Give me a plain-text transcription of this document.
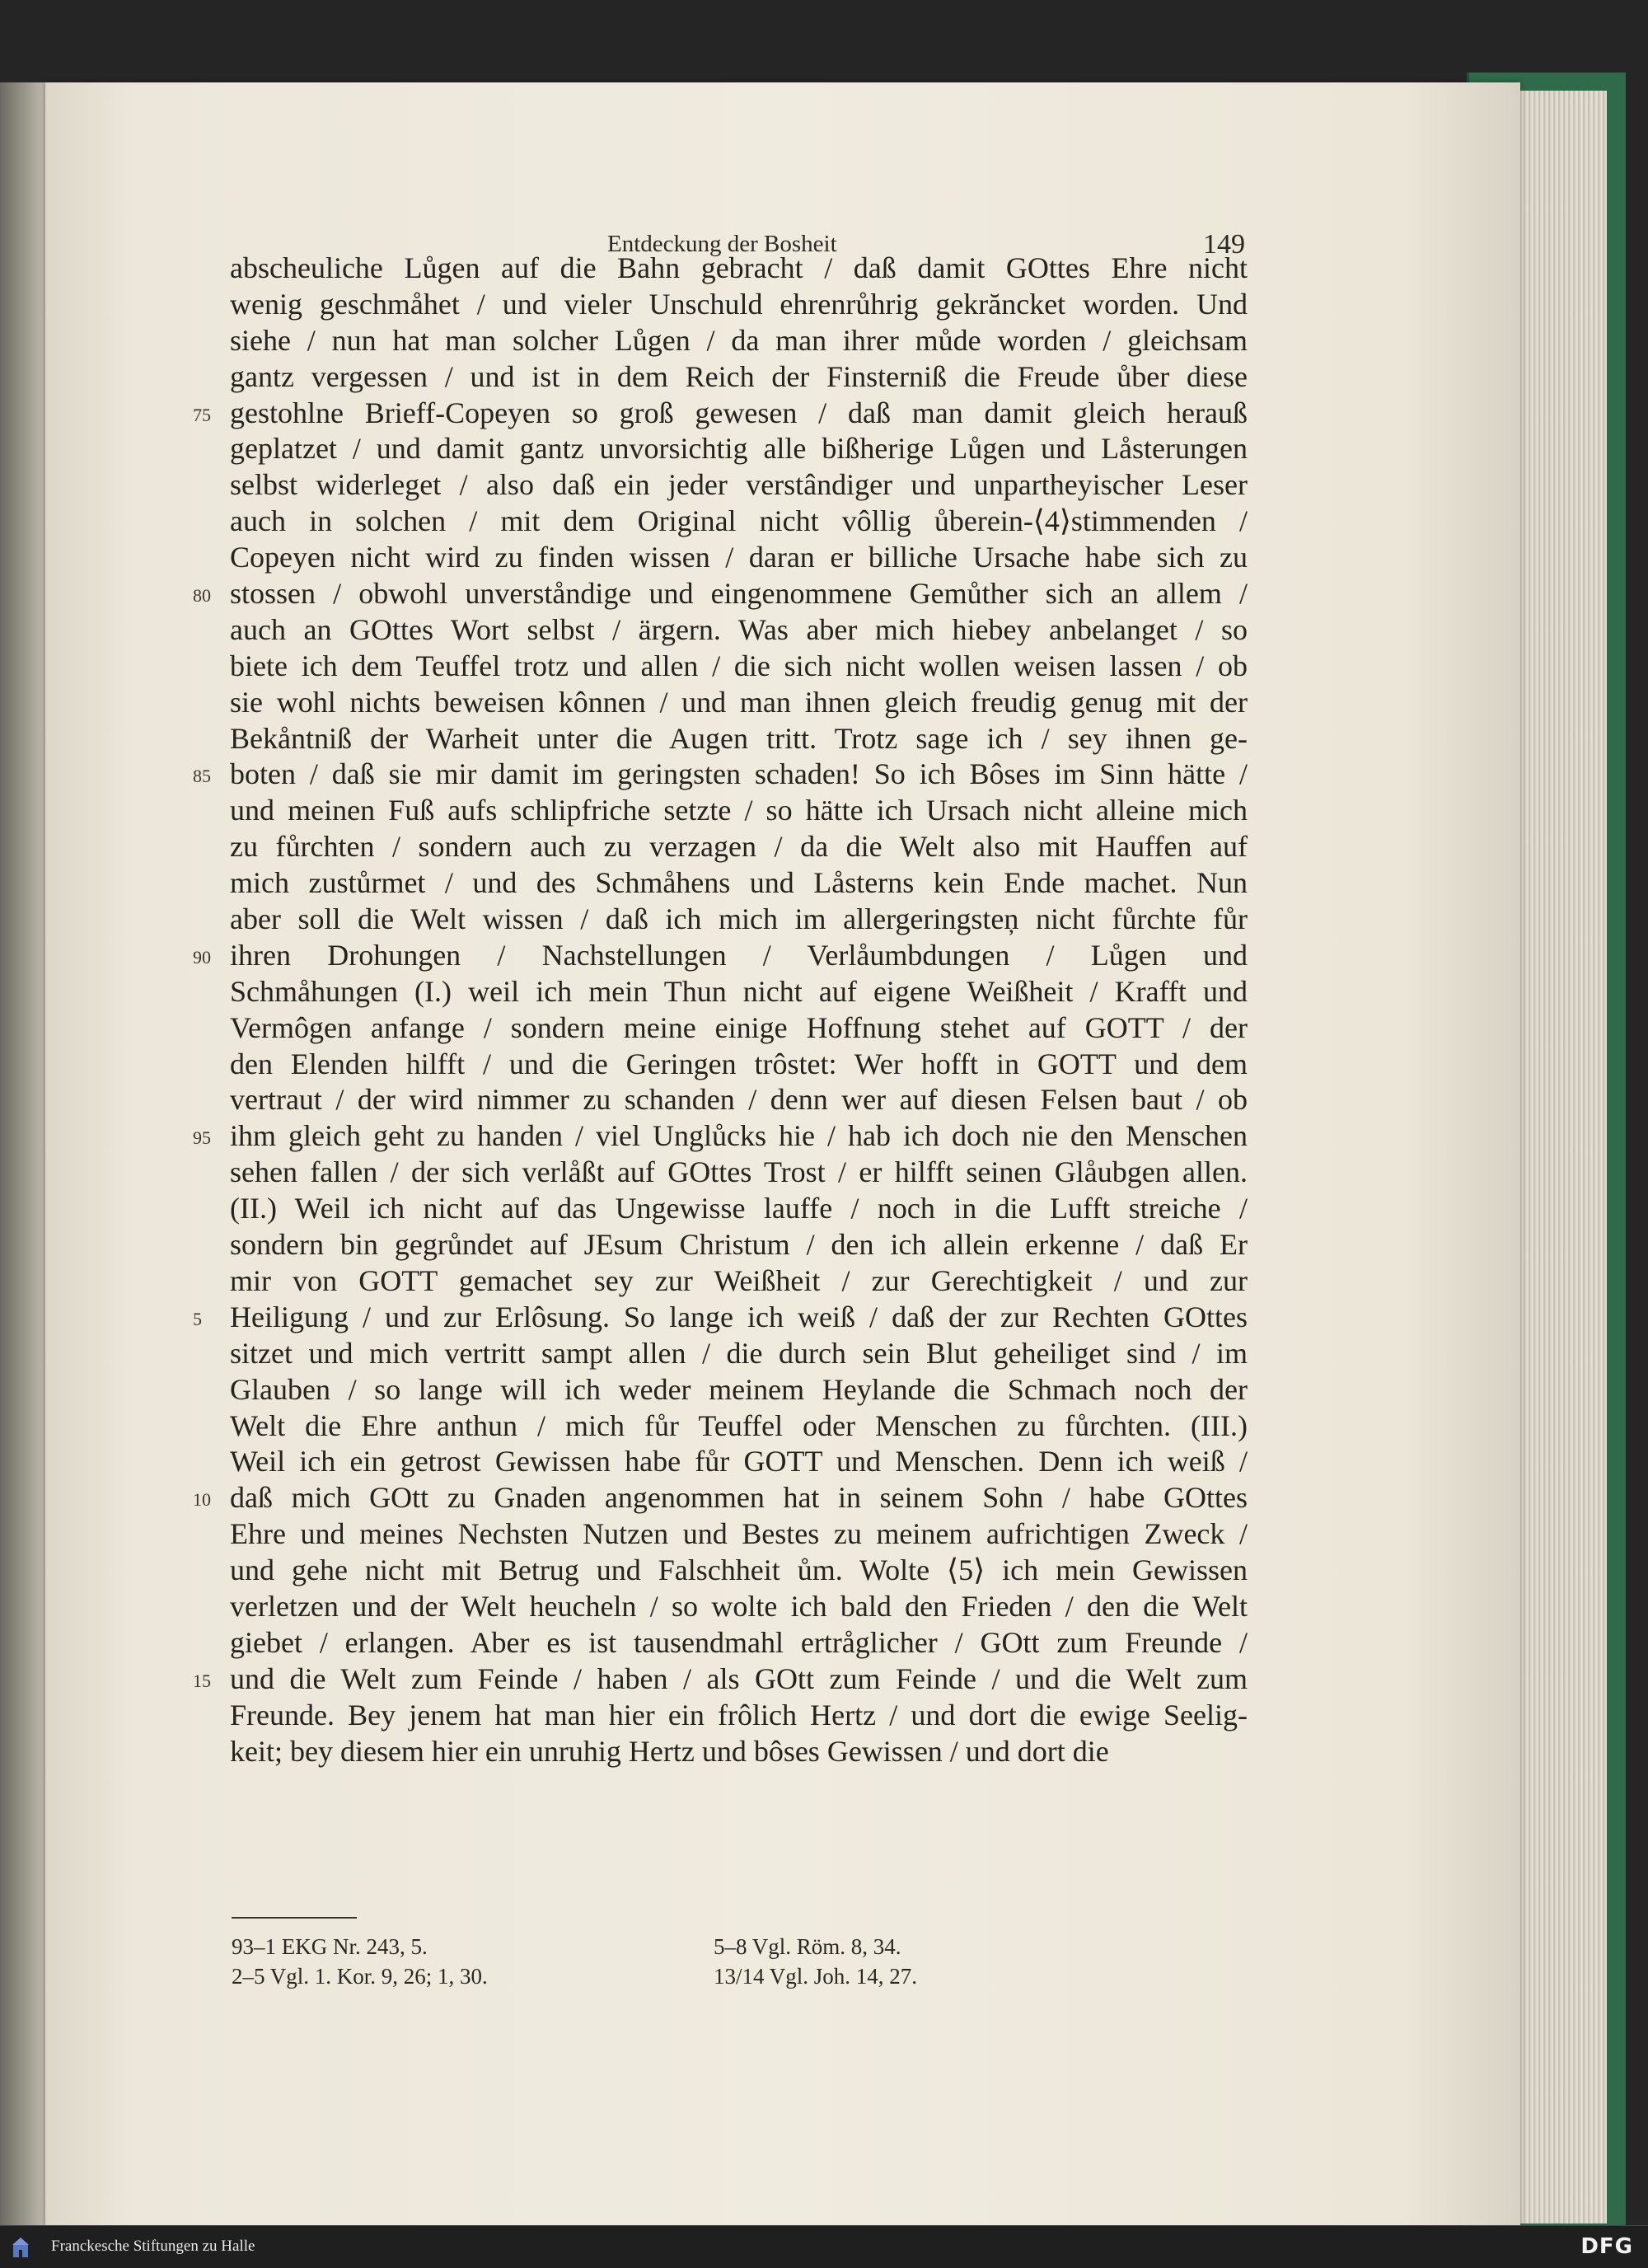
Entdeckung der Bosheit	149
abscheuliche Lůgen auf die Bahn gebracht / daß damit GOttes Ehre nicht
wenig geschmåhet / und vieler Unschuld ehrenrůhrig gekrăncket worden. Und
siehe / nun hat man solcher Lůgen / da man ihrer můde worden / gleichsam
gantz vergessen / und ist in dem Reich der Finsterniß die Freude ůber diese
75 gestohlne Brieff-Copeyen so groß gewesen / daß man damit gleich herauß
geplatzet / und damit gantz unvorsichtig alle bißherige Lůgen und Låsterungen
selbst widerleget / also daß ein jeder verstândiger und unpartheyischer Leser
auch in solchen / mit dem Original nicht vôllig ůberein-⟨4⟩stimmenden /
Copeyen nicht wird zu finden wissen / daran er billiche Ursache habe sich zu
80 stossen / obwohl unverståndige und eingenommene Gemůther sich an allem /
auch an GOttes Wort selbst / ärgern. Was aber mich hiebey anbelanget / so
biete ich dem Teuffel trotz und allen / die sich nicht wollen weisen lassen / ob
sie wohl nichts beweisen kônnen / und man ihnen gleich freudig genug mit der
Bekåntniß der Warheit unter die Augen tritt. Trotz sage ich / sey ihnen ge-
85 boten / daß sie mir damit im geringsten schaden! So ich Bôses im Sinn hätte /
und meinen Fuß aufs schlipfriche setzte / so hätte ich Ursach nicht alleine mich
zu fůrchten / sondern auch zu verzagen / da die Welt also mit Hauffen auf
mich zustůrmet / und des Schmåhens und Låsterns kein Ende machet. Nun
aber soll die Welt wissen / daß ich mich im allergeringsteņ nicht fůrchte fůr
90 ihren Drohungen / Nachstellungen / Verlåumbdungen / Lůgen und
Schmåhungen (I.) weil ich mein Thun nicht auf eigene Weißheit / Krafft und
Vermôgen anfange / sondern meine einige Hoffnung stehet auf GOTT / der
den Elenden hilfft / und die Geringen trôstet: Wer hofft in GOTT und dem
vertraut / der wird nimmer zu schanden / denn wer auf diesen Felsen baut / ob
95 ihm gleich geht zu handen / viel Unglůcks hie / hab ich doch nie den Menschen
sehen fallen / der sich verlåßt auf GOttes Trost / er hilfft seinen Glåubgen allen.
(II.) Weil ich nicht auf das Ungewisse lauffe / noch in die Lufft streiche /
sondern bin gegrůndet auf JEsum Christum / den ich allein erkenne / daß Er
mir von GOTT gemachet sey zur Weißheit / zur Gerechtigkeit / und zur
5 Heiligung / und zur Erlôsung. So lange ich weiß / daß der zur Rechten GOttes
sitzet und mich vertritt sampt allen / die durch sein Blut geheiliget sind / im
Glauben / so lange will ich weder meinem Heylande die Schmach noch der
Welt die Ehre anthun / mich fůr Teuffel oder Menschen zu fůrchten. (III.)
Weil ich ein getrost Gewissen habe fůr GOTT und Menschen. Denn ich weiß /
10 daß mich GOtt zu Gnaden angenommen hat in seinem Sohn / habe GOttes
Ehre und meines Nechsten Nutzen und Bestes zu meinem aufrichtigen Zweck /
und gehe nicht mit Betrug und Falschheit ům. Wolte ⟨5⟩ ich mein Gewissen
verletzen und der Welt heucheln / so wolte ich bald den Frieden / den die Welt
giebet / erlangen. Aber es ist tausendmahl ertråglicher / GOtt zum Freunde /
15 und die Welt zum Feinde / haben / als GOtt zum Feinde / und die Welt zum
Freunde. Bey jenem hat man hier ein frôlich Hertz / und dort die ewige Seelig-
keit; bey diesem hier ein unruhig Hertz und bôses Gewissen / und dort die
93–1 EKG Nr. 243, 5.
2–5 Vgl. 1. Kor. 9, 26; 1, 30.
5–8 Vgl. Röm. 8, 34.
13/14 Vgl. Joh. 14, 27.
Franckesche Stiftungen zu Halle	DFG
